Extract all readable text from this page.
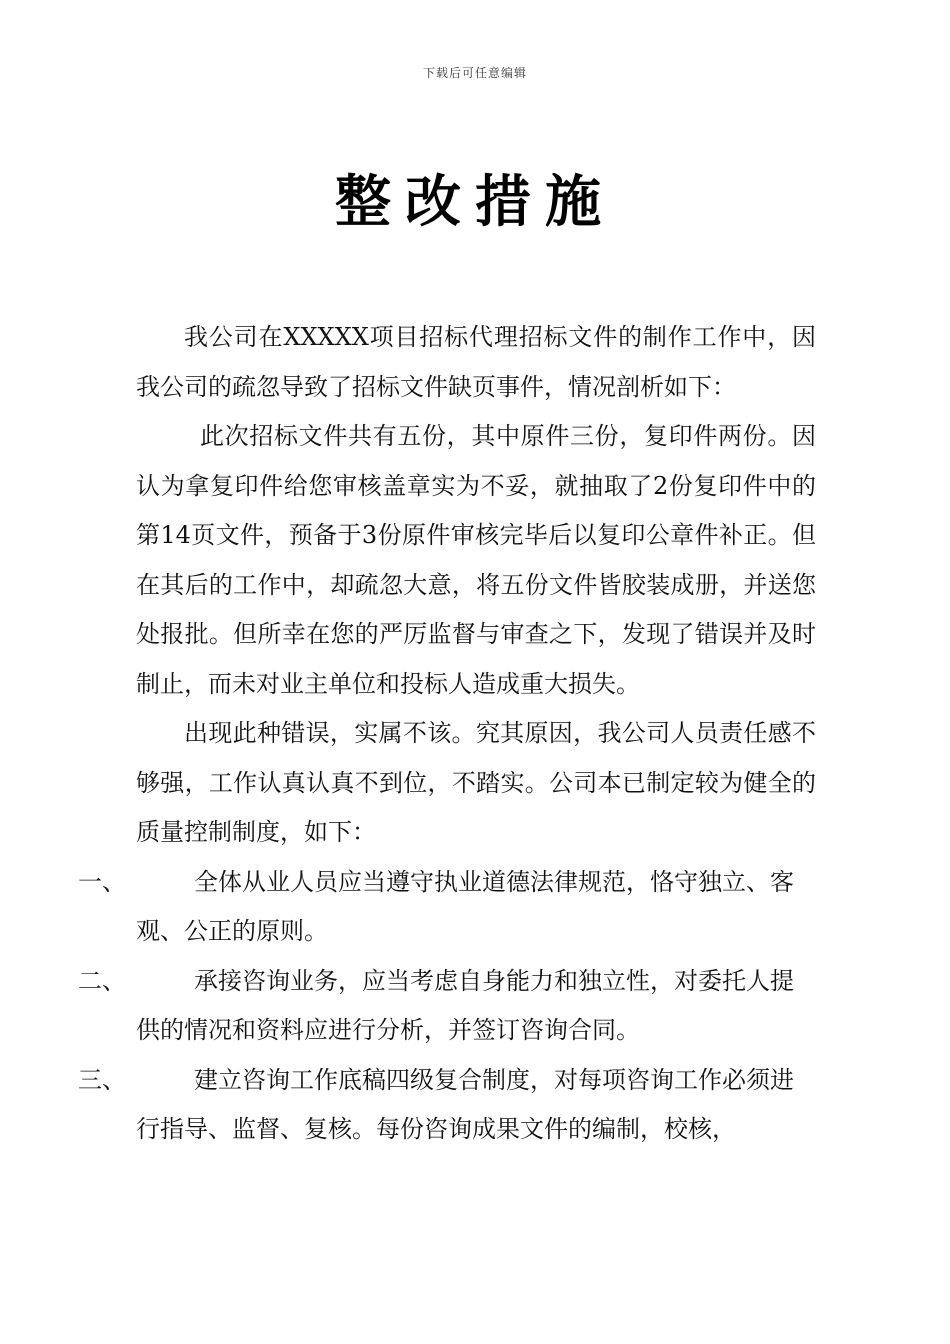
下载后可任意编辑
整改措施

我公司在XXXXX项目招标代理招标文件的制作工作中，因我公司的疏忽导致了招标文件缺页事件，情况剖析如下：

此次招标文件共有五份，其中原件三份，复印件两份。因认为拿复印件给您审核盖章实为不妥，就抽取了2份复印件中的第14页文件，预备于3份原件审核完毕后以复印公章件补正。但在其后的工作中，却疏忽大意，将五份文件皆胶装成册，并送您处报批。但所幸在您的严厉监督与审查之下，发现了错误并及时制止，而未对业主单位和投标人造成重大损失。

出现此种错误，实属不该。究其原因，我公司人员责任感不够强，工作认真认真不到位，不踏实。公司本已制定较为健全的质量控制制度，如下：

一、	全体从业人员应当遵守执业道德法律规范，恪守独立、客观、公正的原则。

二、	承接咨询业务，应当考虑自身能力和独立性，对委托人提供的情况和资料应进行分析，并签订咨询合同。

三、	建立咨询工作底稿四级复合制度，对每项咨询工作必须进行指导、监督、复核。每份咨询成果文件的编制，校核，
